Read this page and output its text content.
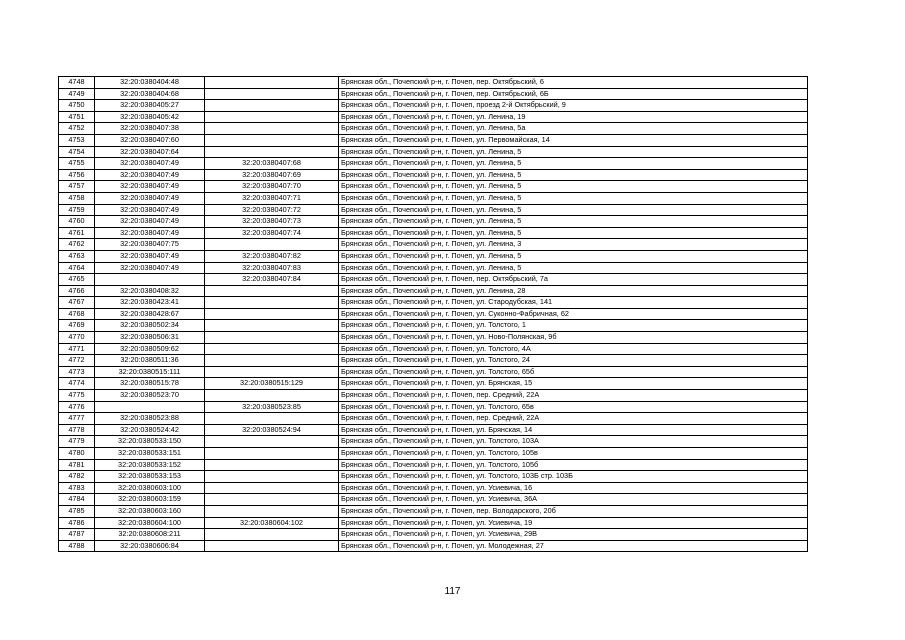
4748	32:20:0380404:48		Брянская обл., Почепский р-н, г. Почеп, пер. Октябрьский, 6
4749	32:20:0380404:68		Брянская обл., Почепский р-н, г. Почеп, пер. Октябрьский, 6Б
4750	32:20:0380405:27		Брянская обл., Почепский р-н, г. Почеп, проезд 2-й Октябрьский, 9
4751	32:20:0380405:42		Брянская обл., Почепский р-н, г. Почеп, ул. Ленина, 19
4752	32:20:0380407:38		Брянская обл., Почепский р-н, г. Почеп, ул. Ленина, 5а
4753	32:20:0380407:60		Брянская обл., Почепский р-н, г. Почеп, ул. Первомайская, 14
4754	32:20:0380407:64		Брянская обл., Почепский р-н, г. Почеп, ул. Ленина, 5
4755	32:20:0380407:49	32:20:0380407:68	Брянская обл., Почепский р-н, г. Почеп, ул. Ленина, 5
4756	32:20:0380407:49	32:20:0380407:69	Брянская обл., Почепский р-н, г. Почеп, ул. Ленина, 5
4757	32:20:0380407:49	32:20:0380407:70	Брянская обл., Почепский р-н, г. Почеп, ул. Ленина, 5
4758	32:20:0380407:49	32:20:0380407:71	Брянская обл., Почепский р-н, г. Почеп, ул. Ленина, 5
4759	32:20:0380407:49	32:20:0380407:72	Брянская обл., Почепский р-н, г. Почеп, ул. Ленина, 5
4760	32:20:0380407:49	32:20:0380407:73	Брянская обл., Почепский р-н, г. Почеп, ул. Ленина, 5
4761	32:20:0380407:49	32:20:0380407:74	Брянская обл., Почепский р-н, г. Почеп, ул. Ленина, 5
4762	32:20:0380407:75		Брянская обл., Почепский р-н, г. Почеп, ул. Ленина, 3
4763	32:20:0380407:49	32:20:0380407:82	Брянская обл., Почепский р-н, г. Почеп, ул. Ленина, 5
4764	32:20:0380407:49	32:20:0380407:83	Брянская обл., Почепский р-н, г. Почеп, ул. Ленина, 5
4765		32:20:0380407:84	Брянская обл., Почепский р-н, г. Почеп, пер. Октябрьский, 7а
4766	32:20:0380408:32		Брянская обл., Почепский р-н, г. Почеп, ул. Ленина, 28
4767	32:20:0380423:41		Брянская обл., Почепский р-н, г. Почеп, ул. Стародубская, 141
4768	32:20:0380428:67		Брянская обл., Почепский р-н, г. Почеп, ул. Суконно-Фабричная, 62
4769	32:20:0380502:34		Брянская обл., Почепский р-н, г. Почеп, ул. Толстого, 1
4770	32:20:0380506:31		Брянская обл., Почепский р-н, г. Почеп, ул. Ново-Полянская, 9б
4771	32:20:0380509:62		Брянская обл., Почепский р-н, г. Почеп, ул. Толстого, 4А
4772	32:20:0380511:36		Брянская обл., Почепский р-н, г. Почеп, ул. Толстого, 24
4773	32:20:0380515:111		Брянская обл., Почепский р-н, г. Почеп, ул. Толстого, 65б
4774	32:20:0380515:78	32:20:0380515:129	Брянская обл., Почепский р-н, г. Почеп, ул. Брянская, 15
4775	32:20:0380523:70		Брянская обл., Почепский р-н, г. Почеп, пер. Средний, 22А
4776		32:20:0380523:85	Брянская обл., Почепский р-н, г. Почеп, ул. Толстого, 65в
4777	32:20:0380523:88		Брянская обл., Почепский р-н, г. Почеп, пер. Средний, 22А
4778	32:20:0380524:42	32:20:0380524:94	Брянская обл., Почепский р-н, г. Почеп, ул. Брянская, 14
4779	32:20:0380533:150		Брянская обл., Почепский р-н, г. Почеп, ул. Толстого, 103А
4780	32:20:0380533:151		Брянская обл., Почепский р-н, г. Почеп, ул. Толстого, 105в
4781	32:20:0380533:152		Брянская обл., Почепский р-н, г. Почеп, ул. Толстого, 105б
4782	32:20:0380533:153		Брянская обл., Почепский р-н, г. Почеп, ул. Толстого, 103Б стр. 103Б
4783	32:20:0380603:100		Брянская обл., Почепский р-н, г. Почеп, ул. Усиевича, 16
4784	32:20:0380603:159		Брянская обл., Почепский р-н, г. Почеп, ул. Усиевича, 36А
4785	32:20:0380603:160		Брянская обл., Почепский р-н, г. Почеп, пер. Володарского, 20б
4786	32:20:0380604:100	32:20:0380604:102	Брянская обл., Почепский р-н, г. Почеп, ул. Усиевича, 19
4787	32:20:0380608:211		Брянская обл., Почепский р-н, г. Почеп, ул. Усиевича, 29В
4788	32:20:0380606:84		Брянская обл., Почепский р-н, г. Почеп, ул. Молодежная, 27
117
